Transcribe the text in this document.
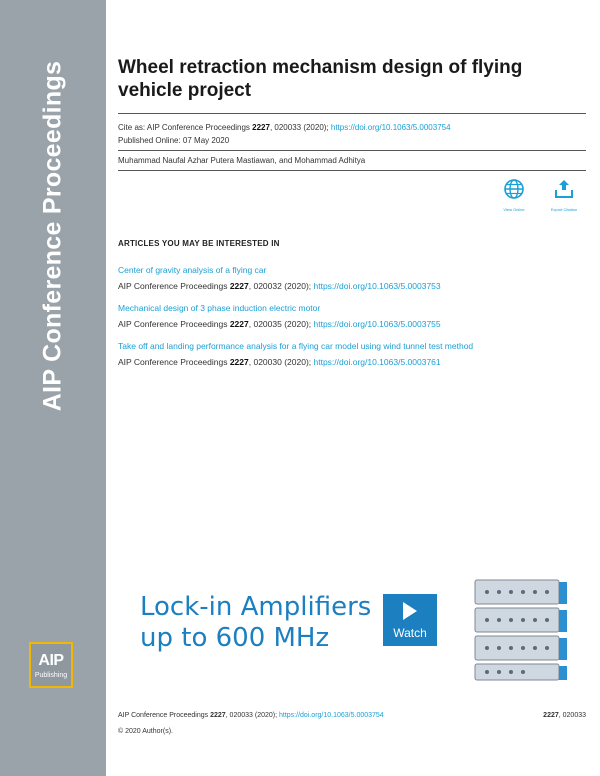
AIP Conference Proceedings
AIP
Publishing
Wheel retraction mechanism design of flying vehicle project
Cite as: AIP Conference Proceedings 2227, 020033 (2020); https://doi.org/10.1063/5.0003754
Published Online: 07 May 2020
Muhammad Naufal Azhar Putera Mastiawan, and Mohammad Adhitya
View Online	Export Citation
ARTICLES YOU MAY BE INTERESTED IN
Center of gravity analysis of a flying car
AIP Conference Proceedings 2227, 020032 (2020); https://doi.org/10.1063/5.0003753
Mechanical design of 3 phase induction electric motor
AIP Conference Proceedings 2227, 020035 (2020); https://doi.org/10.1063/5.0003755
Take off and landing performance analysis for a flying car model using wind tunnel test method
AIP Conference Proceedings 2227, 020030 (2020); https://doi.org/10.1063/5.0003761
Lock-in Amplifiers
up to 600 MHz	Watch
AIP Conference Proceedings 2227, 020033 (2020); https://doi.org/10.1063/5.0003754	2227, 020033
© 2020 Author(s).
